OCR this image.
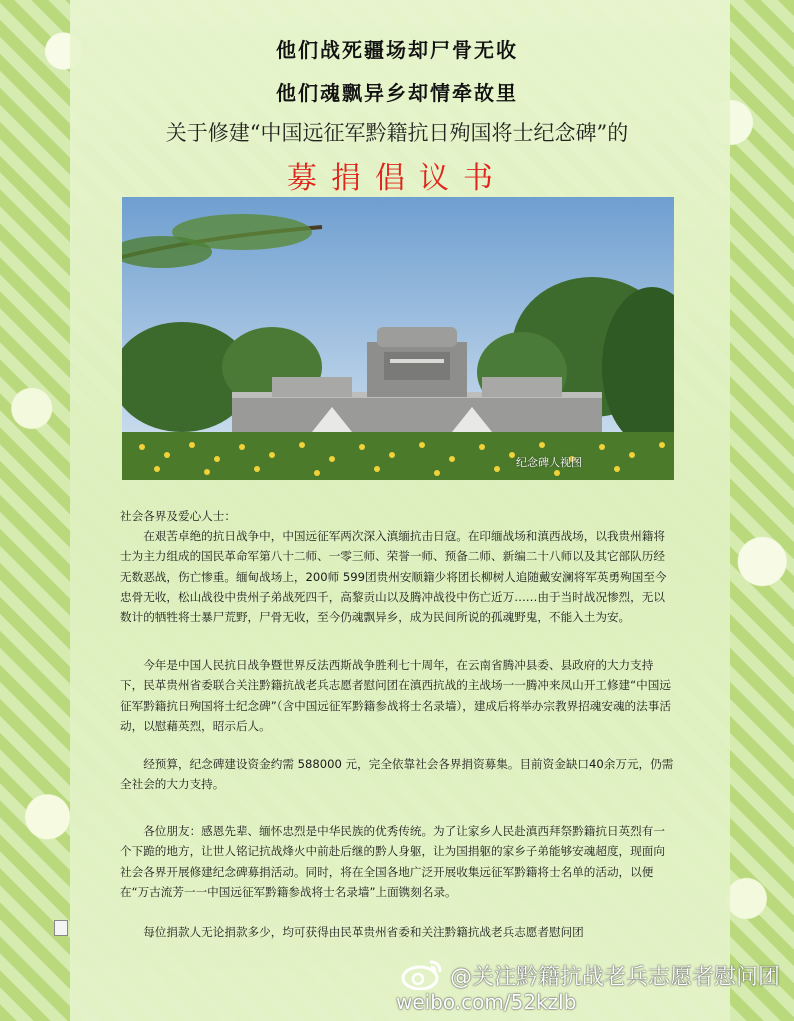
他们战死疆场却尸骨无收
他们魂飘异乡却情牵故里
关于修建“中国远征军黔籍抗日殉国将士纪念碑”的
募捐倡议书
纪念碑人视图
社会各界及爱心人士：

在艰苦卓绝的抗日战争中，中国远征军两次深入滇缅抗击日寇。在印缅战场和滇西战场，以我贵州籍将士为主力组成的国民革命军第八十二师、一零三师、荣誉一师、预备二师、新编二十八师以及其它部队历经无数恶战，伤亡惨重。缅甸战场上，200师 599团贵州安顺籍少将团长柳树人追随戴安澜将军英勇殉国至今忠骨无收，松山战役中贵州子弟战死四千，高黎贡山以及腾冲战役中伤亡近万……由于当时战况惨烈，无以数计的牺牲将士暴尸荒野，尸骨无收，至今仍魂飘异乡，成为民间所说的孤魂野鬼，不能入土为安。

今年是中国人民抗日战争暨世界反法西斯战争胜利七十周年，在云南省腾冲县委、县政府的大力支持下，民革贵州省委联合关注黔籍抗战老兵志愿者慰问团在滇西抗战的主战场一一腾冲来凤山开工修建“中国远征军黔籍抗日殉国将士纪念碑”（含中国远征军黔籍参战将士名录墙），建成后将举办宗教界招魂安魂的法事活动，以慰藉英烈，昭示后人。

经预算，纪念碑建设资金约需 588000 元，完全依靠社会各界捐资募集。目前资金缺口40余万元，仍需全社会的大力支持。

各位朋友：感恩先辈、缅怀忠烈是中华民族的优秀传统。为了让家乡人民赴滇西拜祭黔籍抗日英烈有一个下跪的地方，让世人铭记抗战烽火中前赴后继的黔人身躯，让为国捐躯的家乡子弟能够安魂超度，现面向社会各界开展修建纪念碑募捐活动。同时，将在全国各地广泛开展收集远征军黔籍将士名单的活动，以便在“万古流芳一一中国远征军黔籍参战将士名录墙”上面镌刻名录。

每位捐款人无论捐款多少，均可获得由民革贵州省委和关注黔籍抗战老兵志愿者慰问团

@关注黔籍抗战老兵志愿者慰问团
weibo.com/52kzlb
